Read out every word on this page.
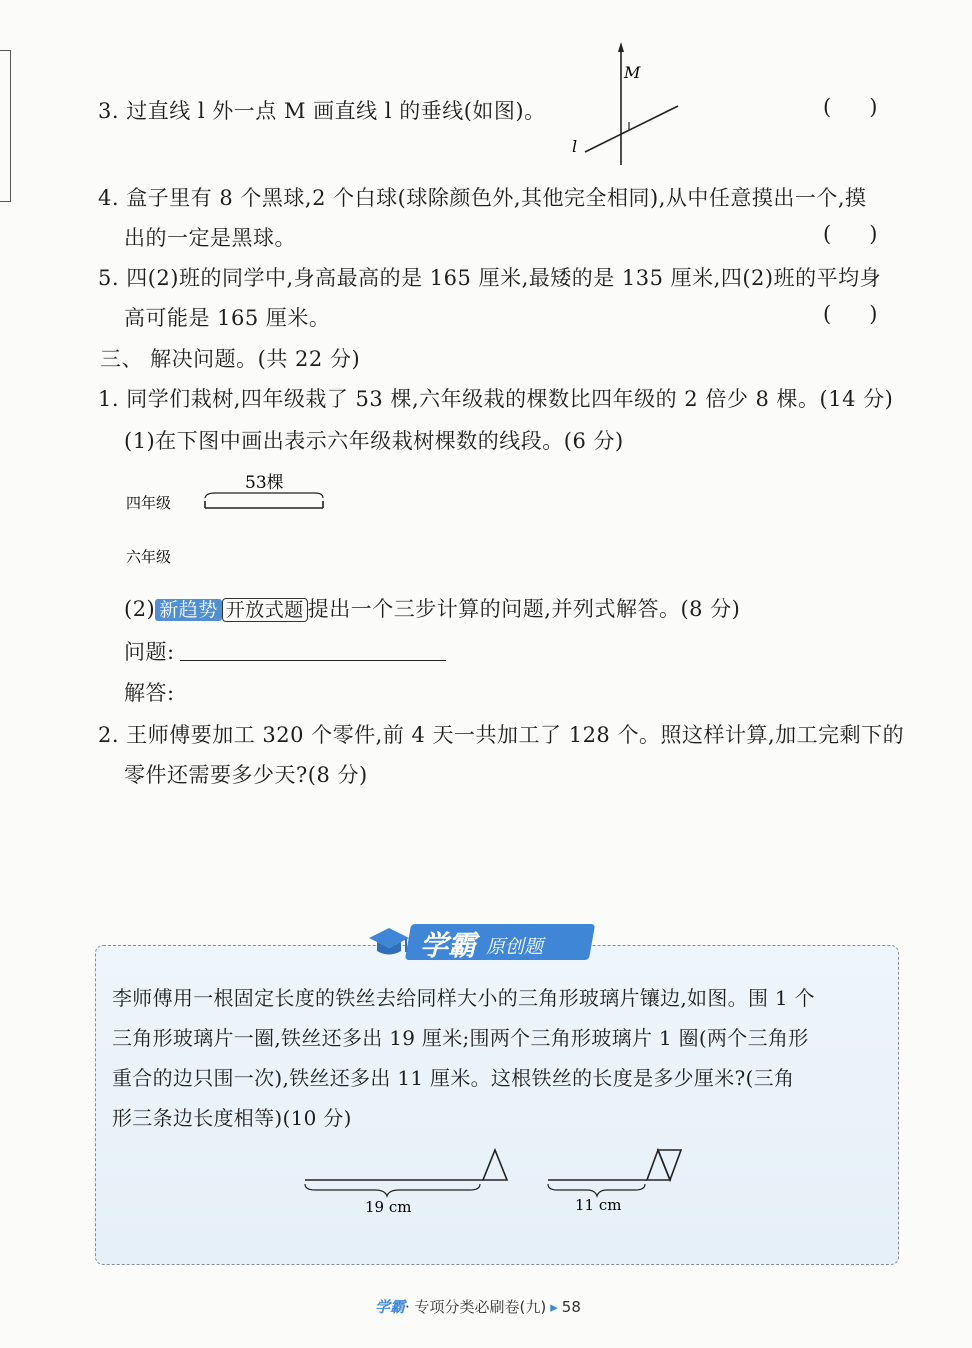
3. 过直线 l 外一点 M 画直线 l 的垂线(如图)。
M
l
()
4. 盒子里有 8 个黑球,2 个白球(球除颜色外,其他完全相同),从中任意摸出一个,摸
出的一定是黑球。	()
5. 四(2)班的同学中,身高最高的是 165 厘米,最矮的是 135 厘米,四(2)班的平均身
高可能是 165 厘米。	()
三、 解决问题。(共 22 分)
1. 同学们栽树,四年级栽了 53 棵,六年级栽的棵数比四年级的 2 倍少 8 棵。(14 分)
(1)在下图中画出表示六年级栽树棵数的线段。(6 分)
53棵
四年级
六年级
(2) 新趋势 开放式题 提出一个三步计算的问题,并列式解答。(8 分)
问题:
解答:
2. 王师傅要加工 320 个零件,前 4 天一共加工了 128 个。照这样计算,加工完剩下的
零件还需要多少天?(8 分)
学霸 原创题
李师傅用一根固定长度的铁丝去给同样大小的三角形玻璃片镶边,如图。围 1 个
三角形玻璃片一圈,铁丝还多出 19 厘米;围两个三角形玻璃片 1 圈(两个三角形
重合的边只围一次),铁丝还多出 11 厘米。这根铁丝的长度是多少厘米?(三角
形三条边长度相等)(10 分)
19 cm	11 cm
学霸· 专项分类必刷卷(九) ▸ 58
